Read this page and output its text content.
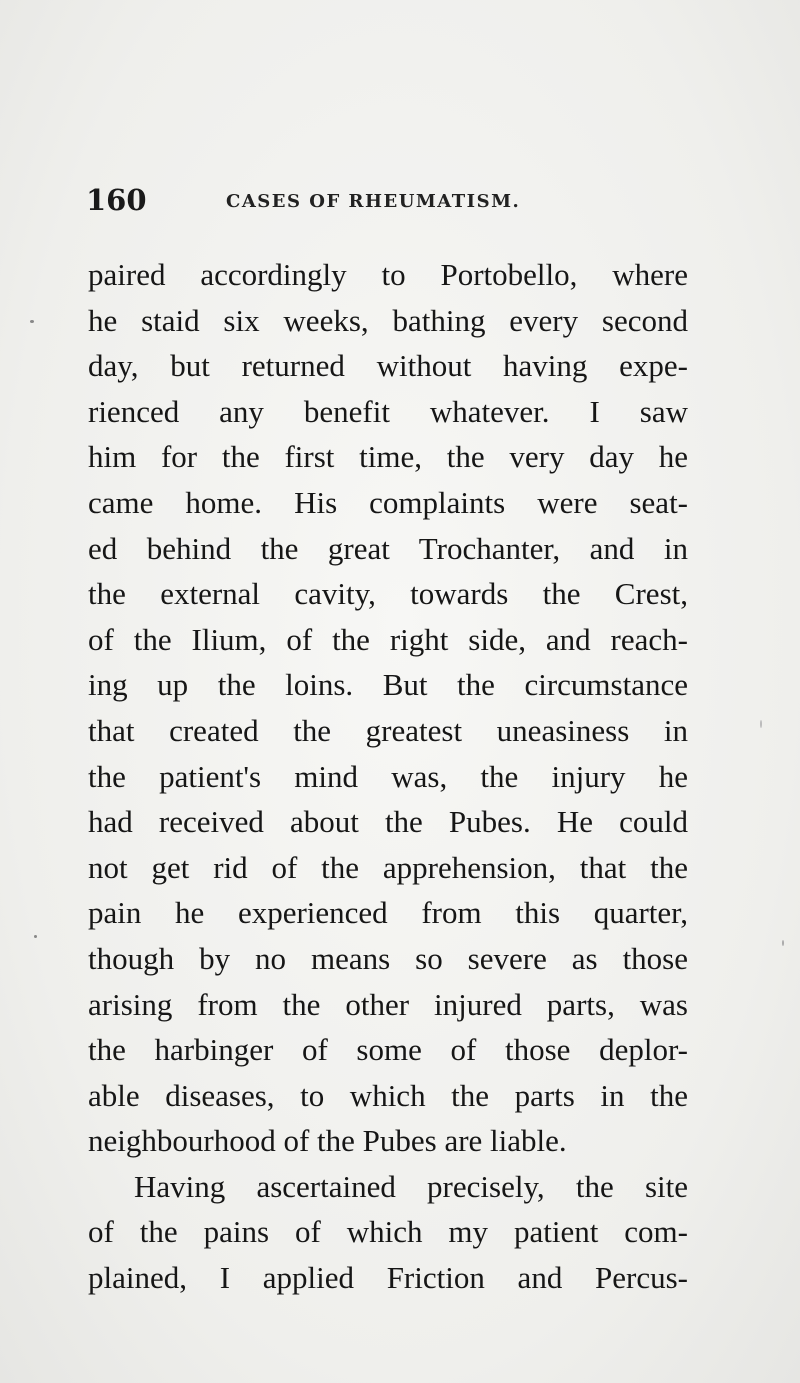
160	CASES OF RHEUMATISM.
paired accordingly to Portobello, where
he staid six weeks, bathing every second
day, but returned without having expe-
rienced any benefit whatever. I saw
him for the first time, the very day he
came home. His complaints were seat-
ed behind the great Trochanter, and in
the external cavity, towards the Crest,
of the Ilium, of the right side, and reach-
ing up the loins. But the circumstance
that created the greatest uneasiness in
the patient's mind was, the injury he
had received about the Pubes. He could
not get rid of the apprehension, that the
pain he experienced from this quarter,
though by no means so severe as those
arising from the other injured parts, was
the harbinger of some of those deplor-
able diseases, to which the parts in the
neighbourhood of the Pubes are liable.
Having ascertained precisely, the site
of the pains of which my patient com-
plained, I applied Friction and Percus-
